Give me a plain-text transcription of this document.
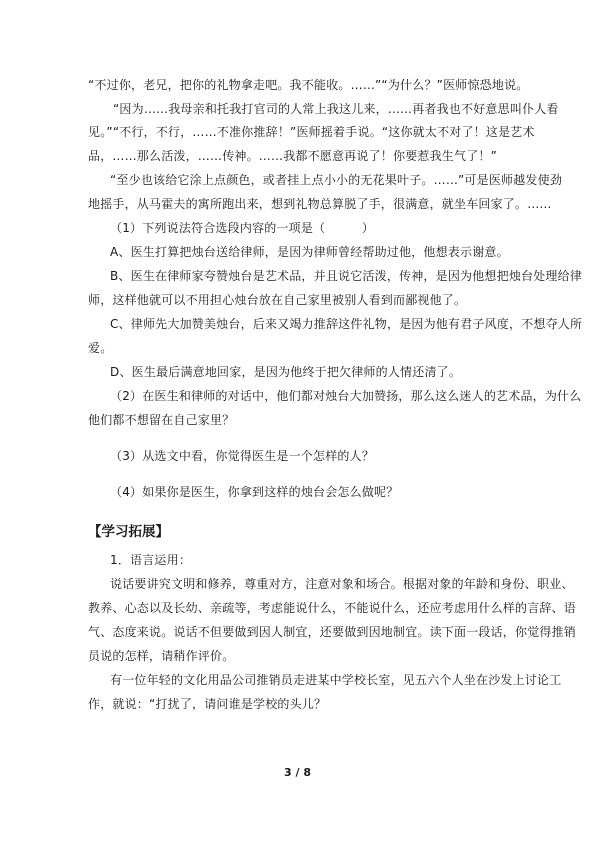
“不过你，老兄，把你的礼物拿走吧。我不能收。……”“为什么？”医师惊恐地说。
“因为……我母亲和托我打官司的人常上我这儿来，……再者我也不好意思叫仆人看
见。”“不行，不行，……不准你推辞！”医师摇着手说。“这你就太不对了！这是艺术
品，……那么活泼，……传神。……我都不愿意再说了！你要惹我生气了！”
“至少也该给它涂上点颜色，或者挂上点小小的无花果叶子。……”可是医师越发使劲
地摇手，从马霍夫的寓所跑出来，想到礼物总算脱了手，很满意，就坐车回家了。……
（1）下列说法符合选段内容的一项是（　　　）
A、医生打算把烛台送给律师，是因为律师曾经帮助过他，他想表示谢意。
B、医生在律师家夸赞烛台是艺术品，并且说它活泼，传神，是因为他想把烛台处理给律
师，这样他就可以不用担心烛台放在自己家里被别人看到而鄙视他了。
C、律师先大加赞美烛台，后来又竭力推辞这件礼物，是因为他有君子风度，不想夺人所
爱。
D、医生最后满意地回家，是因为他终于把欠律师的人情还清了。
（2）在医生和律师的对话中，他们都对烛台大加赞扬，那么这么迷人的艺术品，为什么
他们都不想留在自己家里？
（3）从选文中看，你觉得医生是一个怎样的人？
（4）如果你是医生，你拿到这样的烛台会怎么做呢？
【学习拓展】
1．语言运用：
说话要讲究文明和修养，尊重对方，注意对象和场合。根据对象的年龄和身份、职业、
教养、心态以及长幼、亲疏等，考虑能说什么，不能说什么，还应考虑用什么样的言辞、语
气、态度来说。说话不但要做到因人制宜，还要做到因地制宜。读下面一段话，你觉得推销
员说的怎样，请稍作评价。
有一位年轻的文化用品公司推销员走进某中学校长室，见五六个人坐在沙发上讨论工
作，就说：“打扰了，请问谁是学校的头儿？
3 / 8
